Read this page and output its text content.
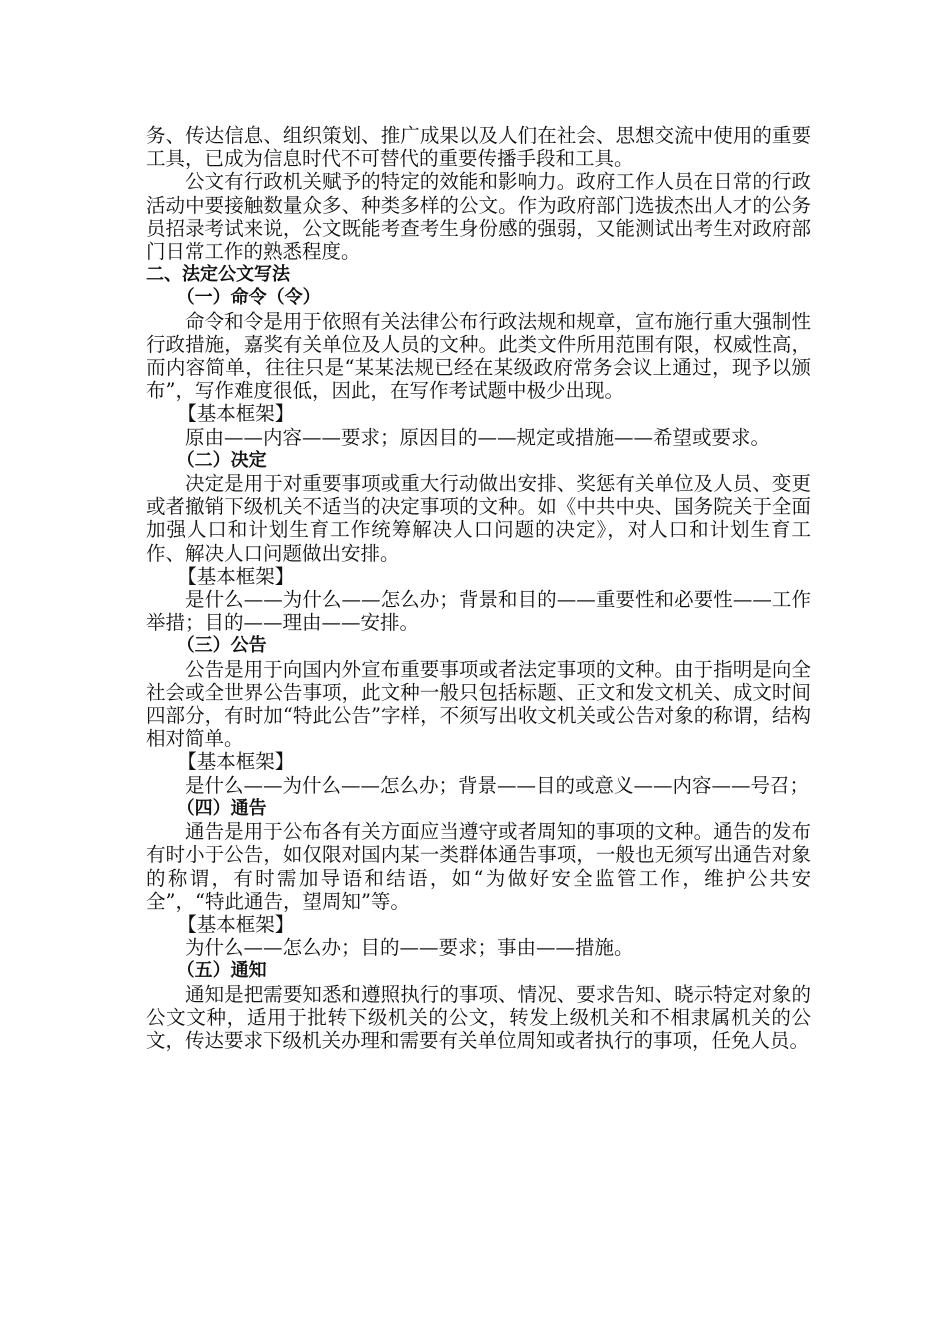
务、传达信息、组织策划、推广成果以及人们在社会、思想交流中使用的重要工具，已成为信息时代不可替代的重要传播手段和工具。

公文有行政机关赋予的特定的效能和影响力。政府工作人员在日常的行政活动中要接触数量众多、种类多样的公文。作为政府部门选拔杰出人才的公务员招录考试来说，公文既能考查考生身份感的强弱，又能测试出考生对政府部门日常工作的熟悉程度。

二、法定公文写法

（一）命令（令）

命令和令是用于依照有关法律公布行政法规和规章，宣布施行重大强制性行政措施，嘉奖有关单位及人员的文种。此类文件所用范围有限，权威性高，而内容简单，往往只是“某某法规已经在某级政府常务会议上通过，现予以颁布”，写作难度很低，因此，在写作考试题中极少出现。

【基本框架】

原由——内容——要求；原因目的——规定或措施——希望或要求。

（二）决定

决定是用于对重要事项或重大行动做出安排、奖惩有关单位及人员、变更或者撤销下级机关不适当的决定事项的文种。如《中共中央、国务院关于全面加强人口和计划生育工作统筹解决人口问题的决定》，对人口和计划生育工作、解决人口问题做出安排。

【基本框架】

是什么——为什么——怎么办；背景和目的——重要性和必要性——工作举措；目的——理由——安排。

（三）公告

公告是用于向国内外宣布重要事项或者法定事项的文种。由于指明是向全社会或全世界公告事项，此文种一般只包括标题、正文和发文机关、成文时间四部分，有时加“特此公告”字样，不须写出收文机关或公告对象的称谓，结构相对简单。

【基本框架】

是什么——为什么——怎么办；背景——目的或意义——内容——号召；

（四）通告

通告是用于公布各有关方面应当遵守或者周知的事项的文种。通告的发布有时小于公告，如仅限对国内某一类群体通告事项，一般也无须写出通告对象的称谓，有时需加导语和结语，如“为做好安全监管工作，维护公共安全”，“特此通告，望周知”等。

【基本框架】

为什么——怎么办；目的——要求；事由——措施。

（五）通知

通知是把需要知悉和遵照执行的事项、情况、要求告知、晓示特定对象的公文文种，适用于批转下级机关的公文，转发上级机关和不相隶属机关的公文，传达要求下级机关办理和需要有关单位周知或者执行的事项，任免人员。
